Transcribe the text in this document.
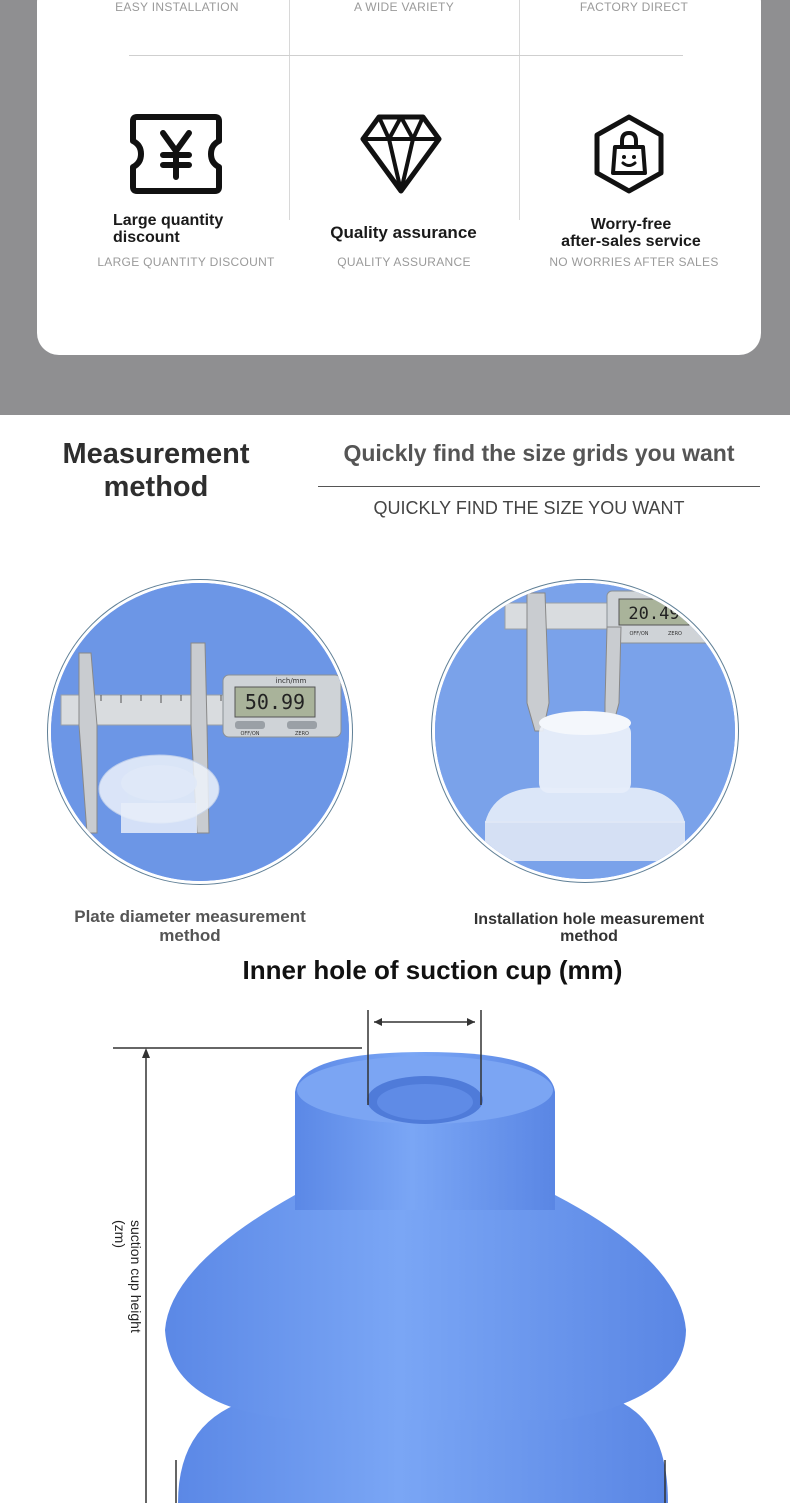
EASY INSTALLATION	A WIDE VARIETY	FACTORY DIRECT
Large quantity
discount	Quality assurance	Worry-free
after-sales service
LARGE QUANTITY DISCOUNT	QUALITY ASSURANCE	NO WORRIES AFTER SALES
Measurement
method
Quickly find the size grids you want
QUICKLY FIND THE SIZE YOU WANT
50.99
inch/mm
OFF/ON	ZERO
20.49
OFF/ON	ZERO
Plate diameter measurement
method
Installation hole measurement
method
Inner hole of suction cup (mm)
suction cup height
(zm)
